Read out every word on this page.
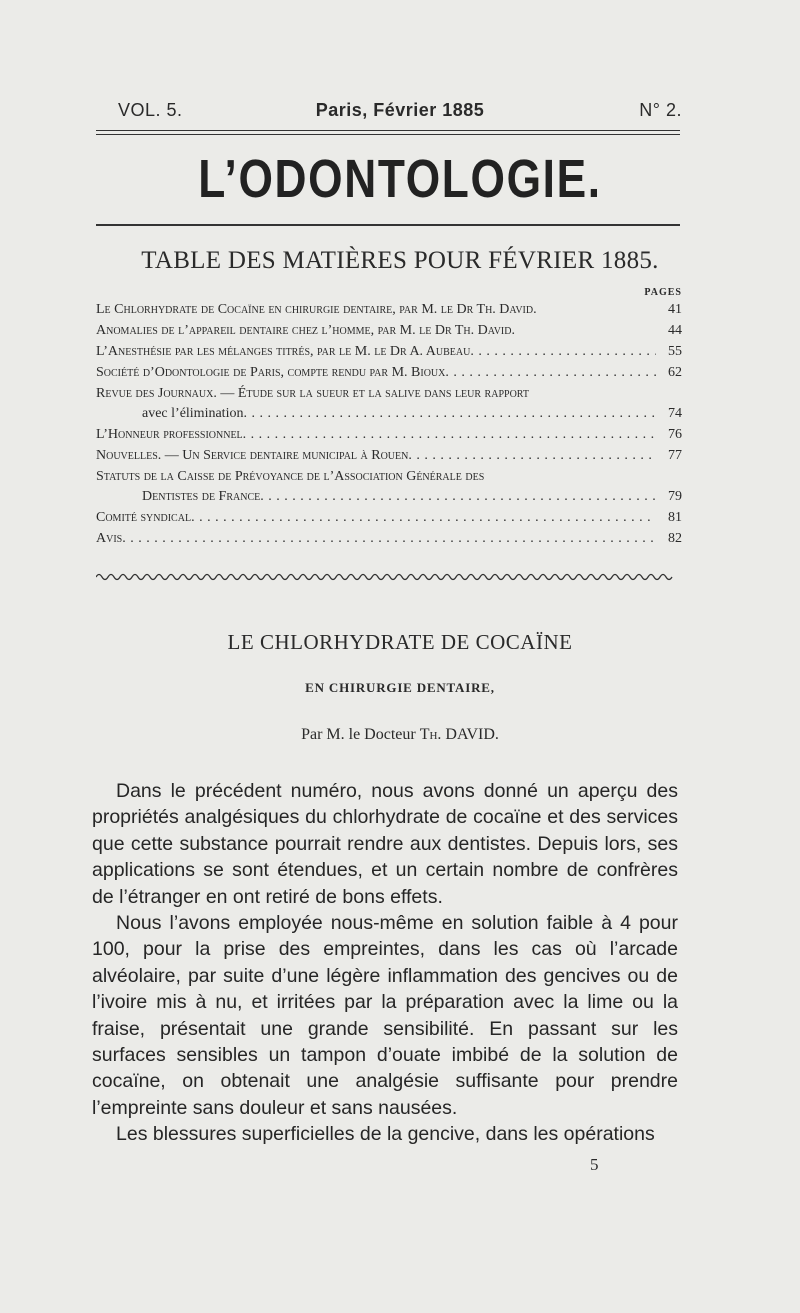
VOL. 5.	Paris, Février 1885	N° 2.
L’ODONTOLOGIE.
TABLE DES MATIÈRES POUR FÉVRIER 1885.
PAGES
Le Chlorhydrate de Cocaïne en chirurgie dentaire, par M. le Dr Th. David.	41
Anomalies de l’appareil dentaire chez l’homme, par M. le Dr Th. David.	44
L’Anesthésie par les mélanges titrés, par le M. le Dr A. Aubeau . . .	55
Société d’Odontologie de Paris, compte rendu par M. Bioux . . .	62
Revue des Journaux. — Étude sur la sueur et la salive dans leur rapport
avec l’élimination . . .	74
L’Honneur professionnel . . .	76
Nouvelles. — Un Service dentaire municipal à Rouen . . .	77
Statuts de la Caisse de Prévoyance de l’Association Générale des
Dentistes de France . . .	79
Comité syndical . . .	81
Avis . . .	82
LE CHLORHYDRATE DE COCAÏNE
EN CHIRURGIE DENTAIRE,
Par M. le Docteur Th. DAVID.

Dans le précédent numéro, nous avons donné un aperçu des propriétés analgésiques du chlorhydrate de cocaïne et des services que cette substance pourrait rendre aux dentistes. Depuis lors, ses applications se sont étendues, et un certain nombre de confrères de l’étranger en ont retiré de bons effets.

Nous l’avons employée nous-même en solution faible à 4 pour 100, pour la prise des empreintes, dans les cas où l’arcade alvéolaire, par suite d’une légère inflammation des gencives ou de l’ivoire mis à nu, et irritées par la préparation avec la lime ou la fraise, présentait une grande sensibilité. En passant sur les surfaces sensibles un tampon d’ouate imbibé de la solution de cocaïne, on obtenait une analgésie suffisante pour prendre l’empreinte sans douleur et sans nausées.

Les blessures superficielles de la gencive, dans les opérations

5
